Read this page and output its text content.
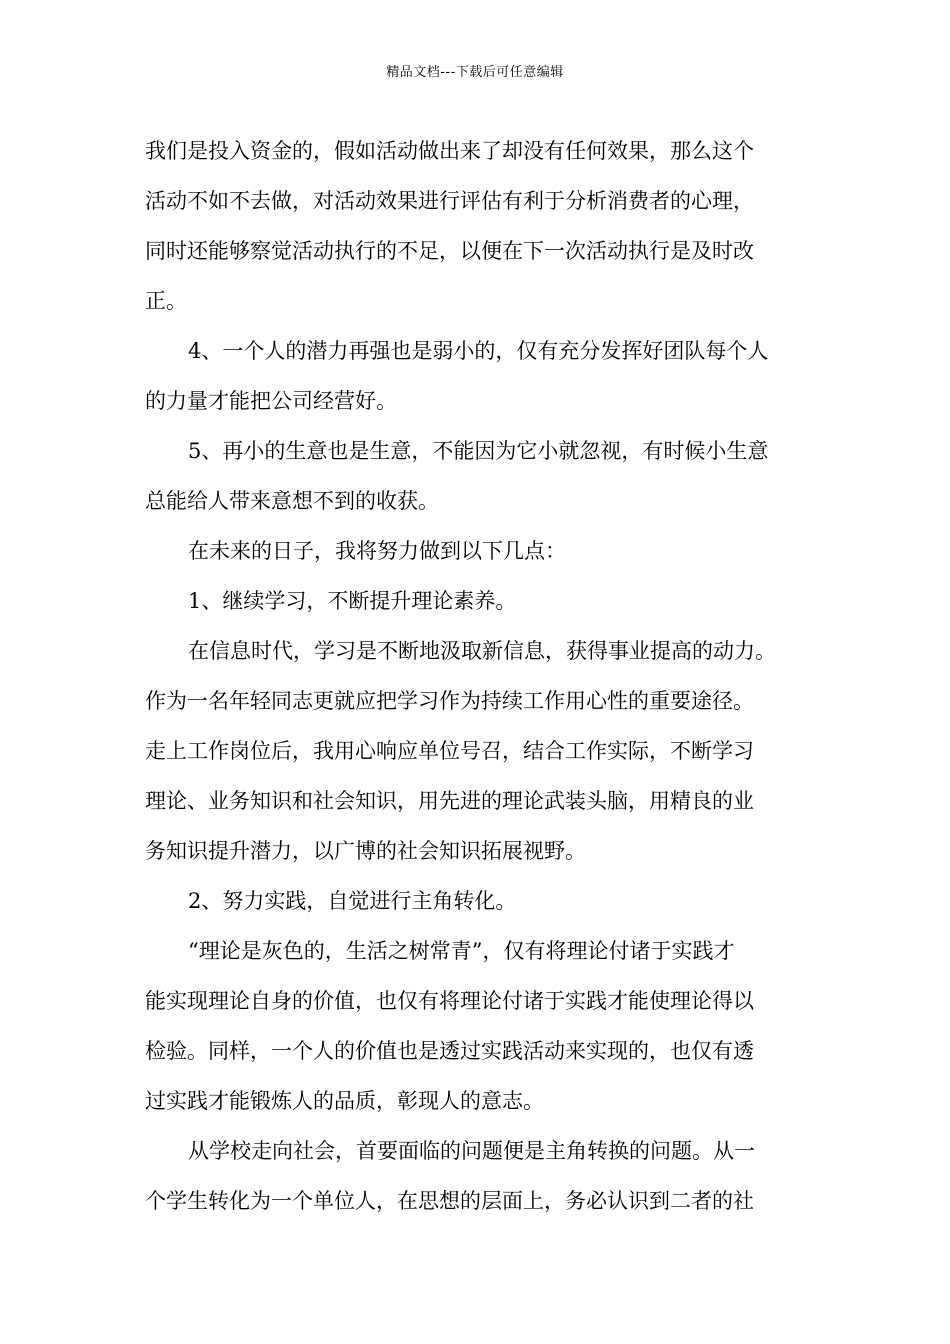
精品文档---下载后可任意编辑
我们是投入资金的，假如活动做出来了却没有任何效果，那么这个
活动不如不去做，对活动效果进行评估有利于分析消费者的心理，
同时还能够察觉活动执行的不足，以便在下一次活动执行是及时改
正。
4、一个人的潜力再强也是弱小的，仅有充分发挥好团队每个人
的力量才能把公司经营好。
5、再小的生意也是生意，不能因为它小就忽视，有时候小生意
总能给人带来意想不到的收获。
在未来的日子，我将努力做到以下几点：
1、继续学习，不断提升理论素养。
在信息时代，学习是不断地汲取新信息，获得事业提高的动力。
作为一名年轻同志更就应把学习作为持续工作用心性的重要途径。
走上工作岗位后，我用心响应单位号召，结合工作实际，不断学习
理论、业务知识和社会知识，用先进的理论武装头脑，用精良的业
务知识提升潜力，以广博的社会知识拓展视野。
2、努力实践，自觉进行主角转化。
“理论是灰色的，生活之树常青”，仅有将理论付诸于实践才
能实现理论自身的价值，也仅有将理论付诸于实践才能使理论得以
检验。同样，一个人的价值也是透过实践活动来实现的，也仅有透
过实践才能锻炼人的品质，彰现人的意志。
从学校走向社会，首要面临的问题便是主角转换的问题。从一
个学生转化为一个单位人，在思想的层面上，务必认识到二者的社
